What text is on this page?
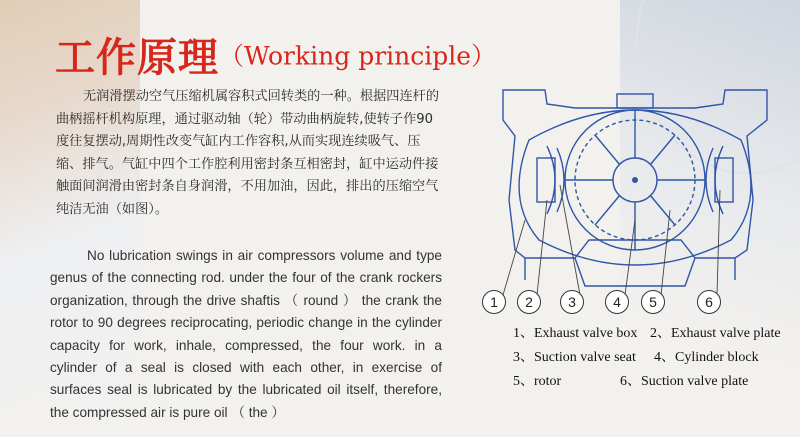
工作原理（Working principle）
无润滑摆动空气压缩机属容积式回转类的一种。根据四连杆的曲柄摇杆机构原理，通过驱动轴（轮）带动曲柄旋转,使转子作90度往复摆动,周期性改变气缸内工作容积,从而实现连续吸气、压缩、排气。气缸中四个工作腔利用密封条互相密封，缸中运动件接触面间润滑由密封条自身润滑，不用加油，因此，排出的压缩空气纯洁无油（如图）。
No lubrication swings in air compressors volume and type genus of the connecting rod. under the four of the crank rockers organization, through the drive shaftis （ round ） the crank the rotor to 90 degrees reciprocating, periodic change in the cylinder capacity for work, inhale, compressed, the four work. in a cylinder of a seal is closed with each other, in exercise of surfaces seal is lubricated by the lubricated oil itself, therefore, the compressed air is pure oil （ the ）
1	2	3	4	5	6
1、Exhaust valve box 2、Exhaust valve plate
3、Suction valve seat 4、Cylinder block
5、rotor	6、Suction valve plate
